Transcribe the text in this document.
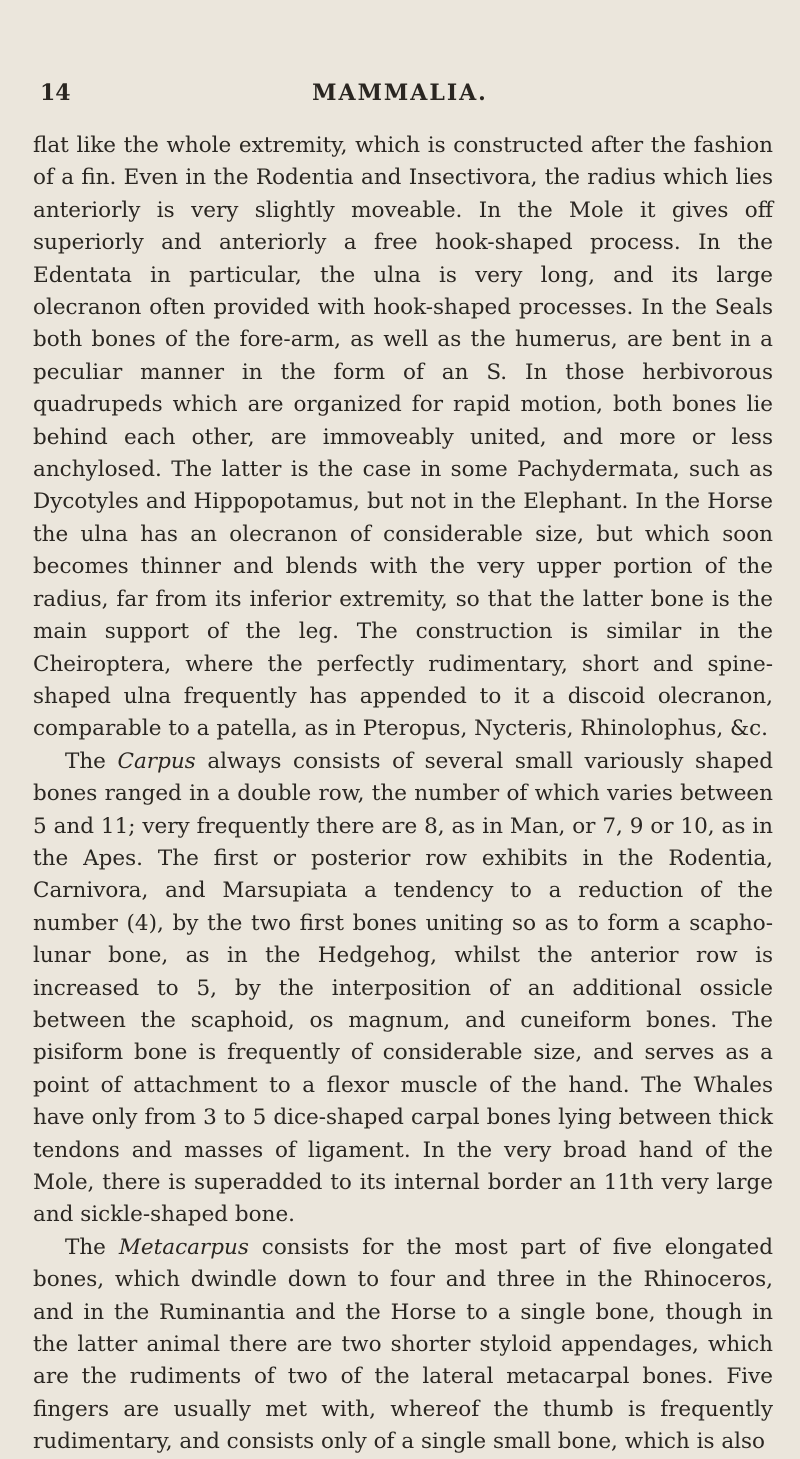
14	MAMMALIA.

flat like the whole extremity, which is constructed after the fashion of a fin. Even in the Rodentia and Insectivora, the radius which lies anteriorly is very slightly moveable. In the Mole it gives off superiorly and anteriorly a free hook-shaped process. In the Edentata in particular, the ulna is very long, and its large olecranon often provided with hook-shaped processes. In the Seals both bones of the fore-arm, as well as the humerus, are bent in a peculiar manner in the form of an S. In those herbivorous quadrupeds which are organized for rapid motion, both bones lie behind each other, are immoveably united, and more or less anchylosed. The latter is the case in some Pachydermata, such as Dycotyles and Hippopotamus, but not in the Elephant. In the Horse the ulna has an olecranon of considerable size, but which soon becomes thinner and blends with the very upper portion of the radius, far from its inferior extremity, so that the latter bone is the main support of the leg. The construction is similar in the Cheiroptera, where the perfectly rudimentary, short and spine-shaped ulna frequently has appended to it a discoid olecranon, comparable to a patella, as in Pteropus, Nycteris, Rhinolophus, &c.

The Carpus always consists of several small variously shaped bones ranged in a double row, the number of which varies between 5 and 11; very frequently there are 8, as in Man, or 7, 9 or 10, as in the Apes. The first or posterior row exhibits in the Rodentia, Carnivora, and Marsupiata a tendency to a reduction of the number (4), by the two first bones uniting so as to form a scapho-lunar bone, as in the Hedgehog, whilst the anterior row is increased to 5, by the interposition of an additional ossicle between the scaphoid, os magnum, and cuneiform bones. The pisiform bone is frequently of considerable size, and serves as a point of attachment to a flexor muscle of the hand. The Whales have only from 3 to 5 dice-shaped carpal bones lying between thick tendons and masses of ligament. In the very broad hand of the Mole, there is superadded to its internal border an 11th very large and sickle-shaped bone.

The Metacarpus consists for the most part of five elongated bones, which dwindle down to four and three in the Rhinoceros, and in the Ruminantia and the Horse to a single bone, though in the latter animal there are two shorter styloid appendages, which are the rudiments of two of the lateral metacarpal bones. Five fingers are usually met with, whereof the thumb is frequently rudimentary, and consists only of a single small bone, which is also
